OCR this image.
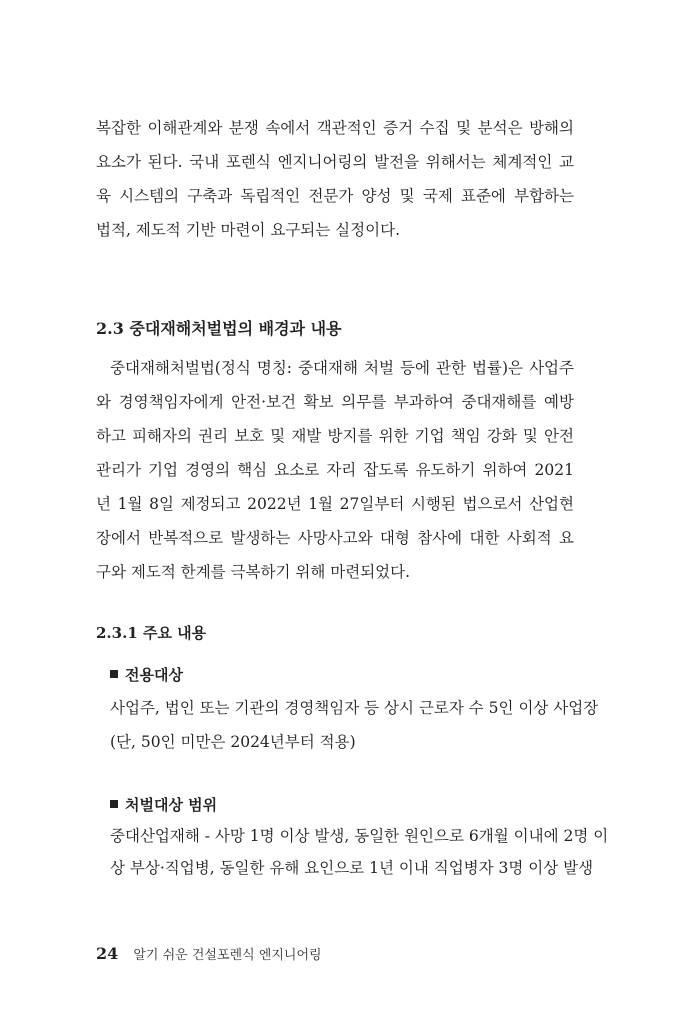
복잡한 이해관계와 분쟁 속에서 객관적인 증거 수집 및 분석은 방해의
요소가 된다. 국내 포렌식 엔지니어링의 발전을 위해서는 체계적인 교
육 시스템의 구축과 독립적인 전문가 양성 및 국제 표준에 부합하는
법적, 제도적 기반 마련이 요구되는 실정이다.
2.3 중대재해처벌법의 배경과 내용
중대재해처벌법(정식 명칭: 중대재해 처벌 등에 관한 법률)은 사업주
와 경영책임자에게 안전·보건 확보 의무를 부과하여 중대재해를 예방
하고 피해자의 권리 보호 및 재발 방지를 위한 기업 책임 강화 및 안전
관리가 기업 경영의 핵심 요소로 자리 잡도록 유도하기 위하여 2021
년 1월 8일 제정되고 2022년 1월 27일부터 시행된 법으로서 산업현
장에서 반복적으로 발생하는 사망사고와 대형 참사에 대한 사회적 요
구와 제도적 한계를 극복하기 위해 마련되었다.
2.3.1 주요 내용
전용대상
사업주, 법인 또는 기관의 경영책임자 등 상시 근로자 수 5인 이상 사업장
(단, 50인 미만은 2024년부터 적용)
처벌대상 범위
중대산업재해 - 사망 1명 이상 발생, 동일한 원인으로 6개월 이내에 2명 이
상 부상·직업병, 동일한 유해 요인으로 1년 이내 직업병자 3명 이상 발생
24 알기 쉬운 건설포렌식 엔지니어링
